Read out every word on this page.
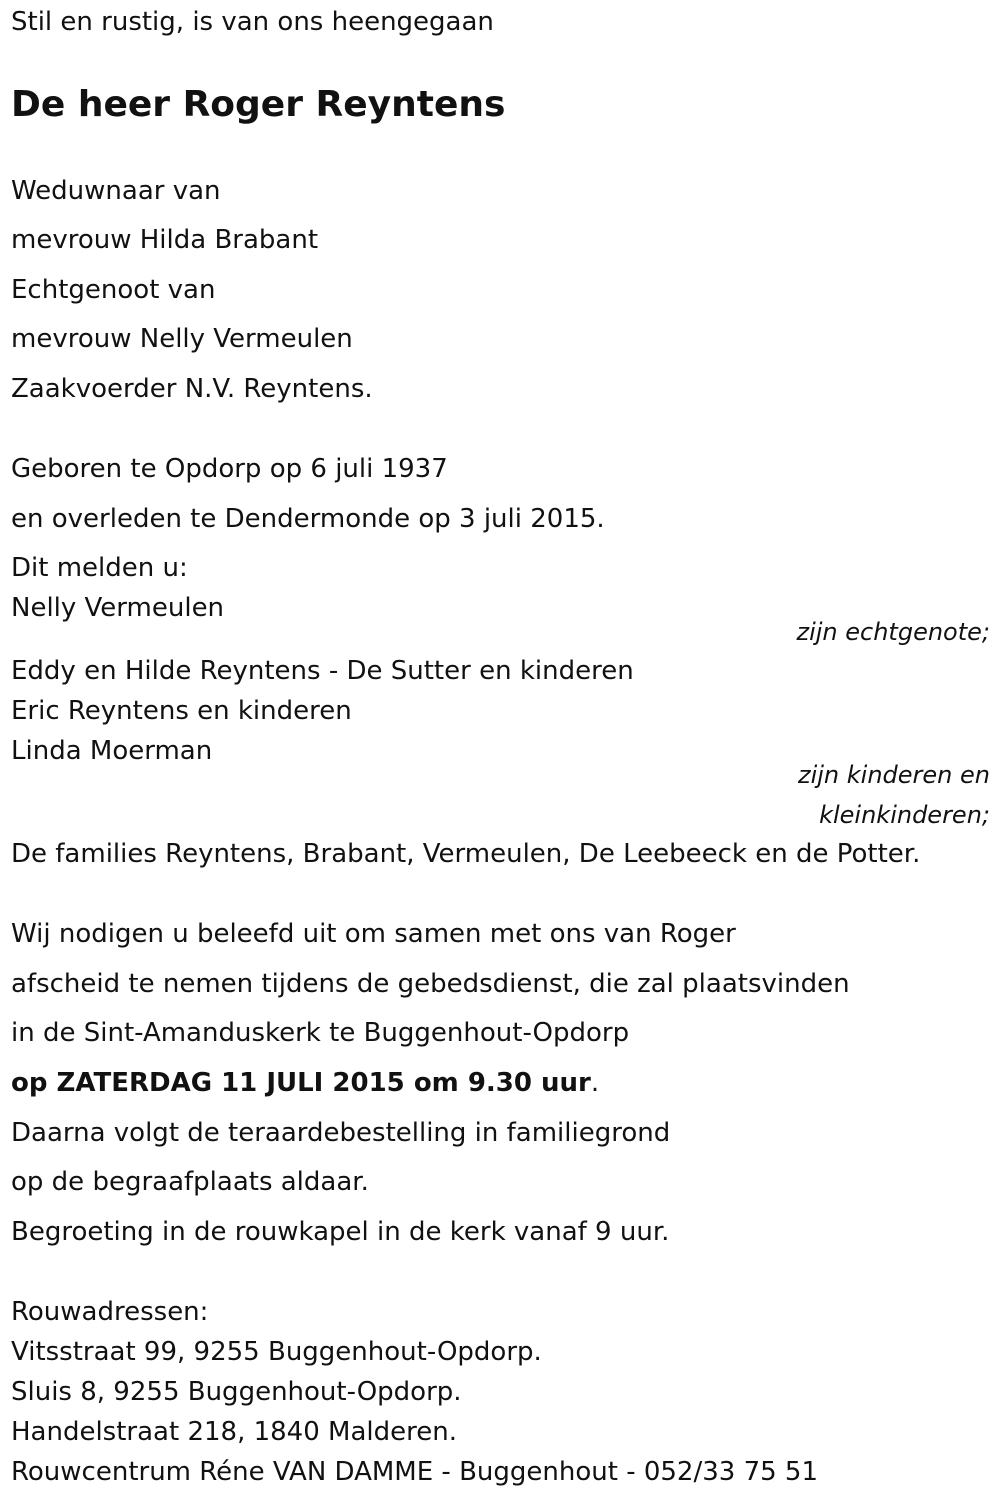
Stil en rustig, is van ons heengegaan
De heer Roger Reyntens
Weduwnaar van
mevrouw Hilda Brabant
Echtgenoot van
mevrouw Nelly Vermeulen
Zaakvoerder N.V. Reyntens.
Geboren te Opdorp op 6 juli 1937
en overleden te Dendermonde op 3 juli 2015.
Dit melden u:
Nelly Vermeulen
zijn echtgenote;
Eddy en Hilde Reyntens - De Sutter en kinderen
Eric Reyntens en kinderen
Linda Moerman
zijn kinderen en
kleinkinderen;
De families Reyntens, Brabant, Vermeulen, De Leebeeck en de Potter.
Wij nodigen u beleefd uit om samen met ons van Roger
afscheid te nemen tijdens de gebedsdienst, die zal plaatsvinden
in de Sint-Amanduskerk te Buggenhout-Opdorp
op ZATERDAG 11 JULI 2015 om 9.30 uur.
Daarna volgt de teraardebestelling in familiegrond
op de begraafplaats aldaar.
Begroeting in de rouwkapel in de kerk vanaf 9 uur.
Rouwadressen:
Vitsstraat 99, 9255 Buggenhout-Opdorp.
Sluis 8, 9255 Buggenhout-Opdorp.
Handelstraat 218, 1840 Malderen.
Rouwcentrum Réne VAN DAMME - Buggenhout - 052/33 75 51
